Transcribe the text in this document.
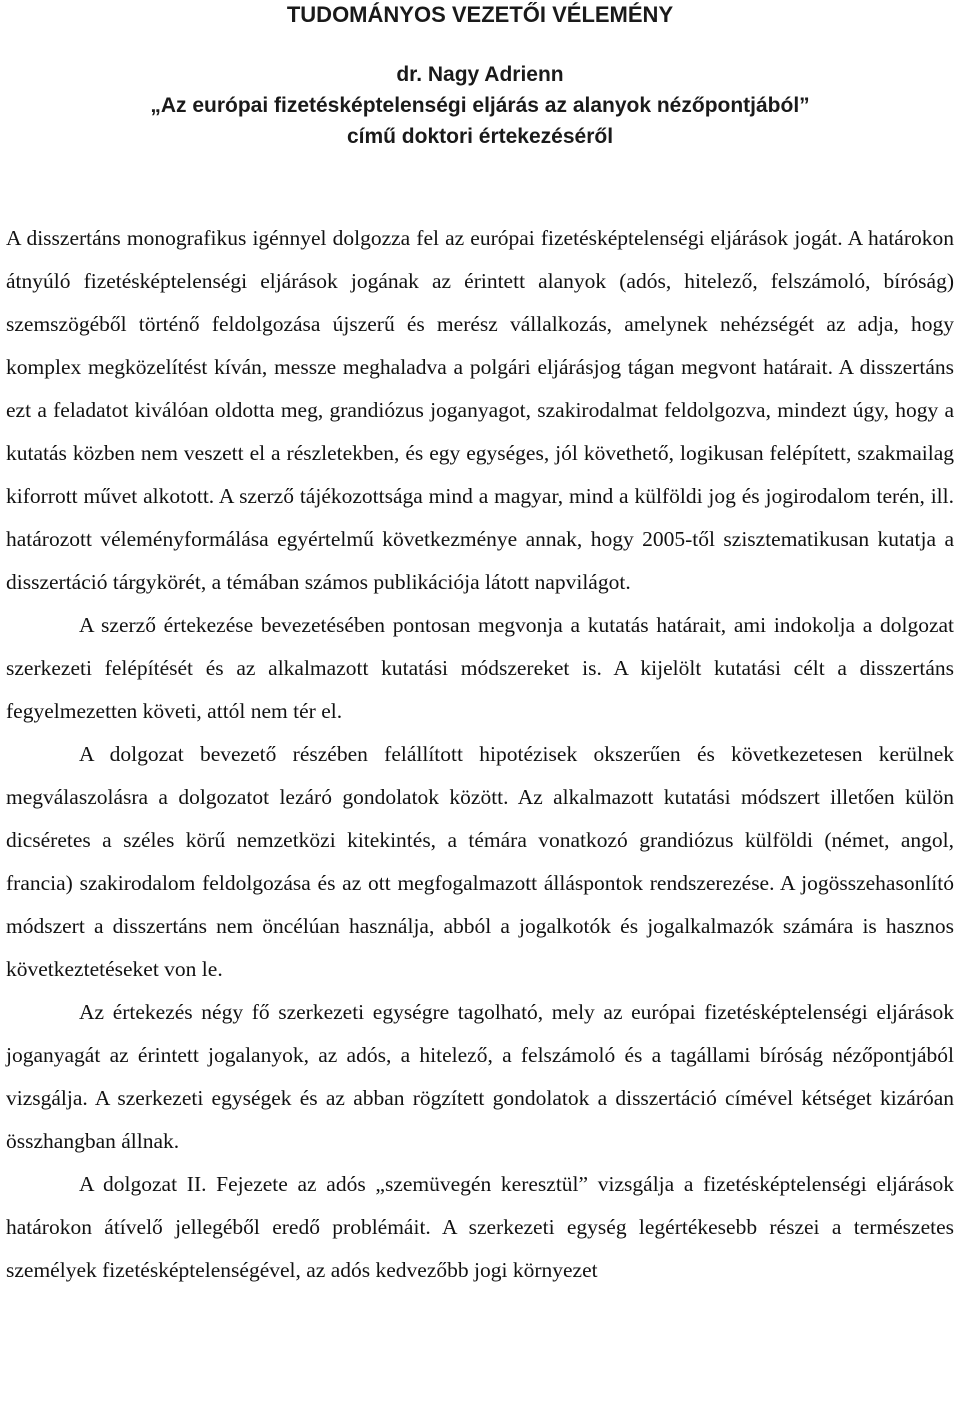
TUDOMÁNYOS VEZETŐI VÉLEMÉNY
dr. Nagy Adrienn
„Az európai fizetésképtelenségi eljárás az alanyok nézőpontjából”
című doktori értekezéséről

A disszertáns monografikus igénnyel dolgozza fel az európai fizetésképtelenségi eljárások jogát. A határokon átnyúló fizetésképtelenségi eljárások jogának az érintett alanyok (adós, hitelező, felszámoló, bíróság) szemszögéből történő feldolgozása újszerű és merész vállalkozás, amelynek nehézségét az adja, hogy komplex megközelítést kíván, messze meghaladva a polgári eljárásjog tágan megvont határait. A disszertáns ezt a feladatot kiválóan oldotta meg, grandiózus joganyagot, szakirodalmat feldolgozva, mindezt úgy, hogy a kutatás közben nem veszett el a részletekben, és egy egységes, jól követhető, logikusan felépített, szakmailag kiforrott művet alkotott. A szerző tájékozottsága mind a magyar, mind a külföldi jog és jogirodalom terén, ill. határozott véleményformálása egyértelmű következménye annak, hogy 2005-től szisztematikusan kutatja a disszertáció tárgykörét, a témában számos publikációja látott napvilágot.

A szerző értekezése bevezetésében pontosan megvonja a kutatás határait, ami indokolja a dolgozat szerkezeti felépítését és az alkalmazott kutatási módszereket is. A kijelölt kutatási célt a disszertáns fegyelmezetten követi, attól nem tér el.

A dolgozat bevezető részében felállított hipotézisek okszerűen és következetesen kerülnek megválaszolásra a dolgozatot lezáró gondolatok között. Az alkalmazott kutatási módszert illetően külön dicséretes a széles körű nemzetközi kitekintés, a témára vonatkozó grandiózus külföldi (német, angol, francia) szakirodalom feldolgozása és az ott megfogalmazott álláspontok rendszerezése. A jogösszehasonlító módszert a disszertáns nem öncélúan használja, abból a jogalkotók és jogalkalmazók számára is hasznos következtetéseket von le.

Az értekezés négy fő szerkezeti egységre tagolható, mely az európai fizetésképtelenségi eljárások joganyagát az érintett jogalanyok, az adós, a hitelező, a felszámoló és a tagállami bíróság nézőpontjából vizsgálja. A szerkezeti egységek és az abban rögzített gondolatok a disszertáció címével kétséget kizáróan összhangban állnak.

A dolgozat II. Fejezete az adós „szemüvegén keresztül” vizsgálja a fizetésképtelenségi eljárások határokon átívelő jellegéből eredő problémáit. A szerkezeti egység legértékesebb részei a természetes személyek fizetésképtelenségével, az adós kedvezőbb jogi környezet
